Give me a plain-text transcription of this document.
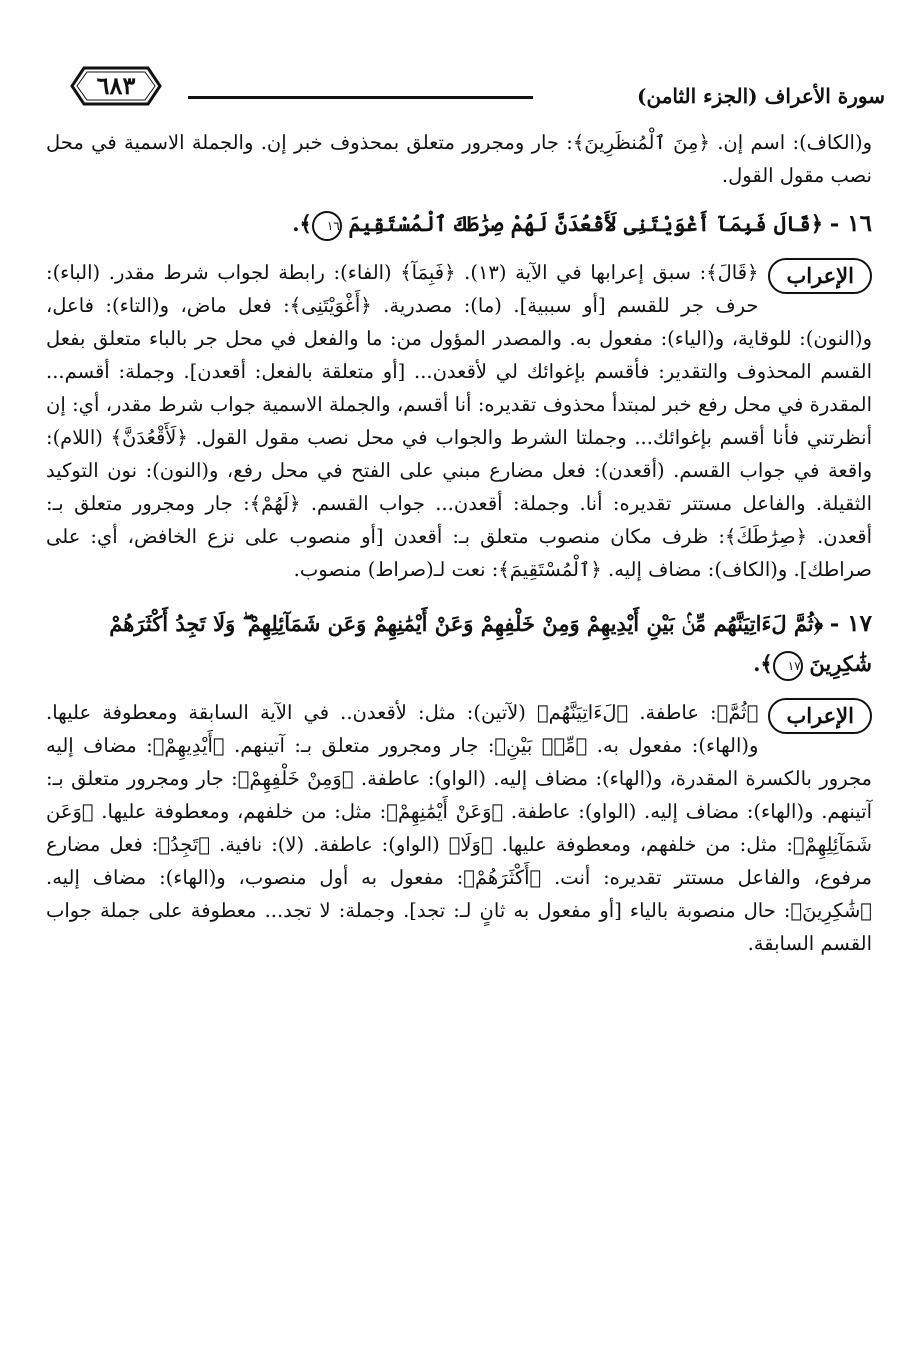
٦٨٣	سورة الأعراف (الجزء الثامن)

و(الكاف): اسم إن. ﴿مِنَ ٱلْمُنظَرِينَ﴾: جار ومجرور متعلق بمحذوف خبر إن. والجملة الاسمية في محل نصب مقول القول.

١٦ - ﴿قَالَ فَبِمَآ أَغْوَيْتَنِى لَأَقْعُدَنَّ لَهُمْ صِرَٰطَكَ ٱلْمُسْتَقِيمَ ١٦﴾.

الإعراب
﴿قَالَ﴾: سبق إعرابها في الآية (١٣). ﴿فَبِمَآ﴾ (الفاء): رابطة لجواب شرط مقدر. (الباء): حرف جر للقسم [أو سببية]. (ما): مصدرية. ﴿أَغْوَيْتَنِى﴾: فعل ماض، و(التاء): فاعل، و(النون): للوقاية، و(الياء): مفعول به. والمصدر المؤول من: ما والفعل في محل جر بالباء متعلق بفعل القسم المحذوف والتقدير: فأقسم بإغوائك لي لأقعدن... [أو متعلقة بالفعل: أقعدن]. وجملة: أقسم... المقدرة في محل رفع خبر لمبتدأ محذوف تقديره: أنا أقسم، والجملة الاسمية جواب شرط مقدر، أي: إن أنظرتني فأنا أقسم بإغوائك... وجملتا الشرط والجواب في محل نصب مقول القول. ﴿لَأَقْعُدَنَّ﴾ (اللام): واقعة في جواب القسم. (أقعدن): فعل مضارع مبني على الفتح في محل رفع، و(النون): نون التوكيد الثقيلة. والفاعل مستتر تقديره: أنا. وجملة: أقعدن... جواب القسم. ﴿لَهُمْ﴾: جار ومجرور متعلق بـ: أقعدن. ﴿صِرَٰطَكَ﴾: ظرف مكان منصوب متعلق بـ: أقعدن [أو منصوب على نزع الخافض، أي: على صراطك]. و(الكاف): مضاف إليه. ﴿ٱلْمُسْتَقِيمَ﴾: نعت لـ(صراط) منصوب.

١٧ - ﴿ثُمَّ لَءَاتِيَنَّهُم مِّنۢ بَيْنِ أَيْدِيهِمْ وَمِنْ خَلْفِهِمْ وَعَنْ أَيْمَٰنِهِمْ وَعَن شَمَآئِلِهِمْ ۖ وَلَا تَجِدُ أَكْثَرَهُمْ شَٰكِرِينَ ١٧﴾.

الإعراب
﴿ثُمَّ﴾: عاطفة. ﴿لَءَاتِيَنَّهُم﴾ (لآتين): مثل: لأقعدن.. في الآية السابقة ومعطوفة عليها. و(الهاء): مفعول به. ﴿مِّنۢ بَيْنِ﴾: جار ومجرور متعلق بـ: آتينهم. ﴿أَيْدِيهِمْ﴾: مضاف إليه مجرور بالكسرة المقدرة، و(الهاء): مضاف إليه. (الواو): عاطفة. ﴿وَمِنْ خَلْفِهِمْ﴾: جار ومجرور متعلق بـ: آتينهم. و(الهاء): مضاف إليه. (الواو): عاطفة. ﴿وَعَنْ أَيْمَٰنِهِمْ﴾: مثل: من خلفهم، ومعطوفة عليها. ﴿وَعَن شَمَآئِلِهِمْ﴾: مثل: من خلفهم، ومعطوفة عليها. ﴿وَلَا﴾ (الواو): عاطفة. (لا): نافية. ﴿تَجِدُ﴾: فعل مضارع مرفوع، والفاعل مستتر تقديره: أنت. ﴿أَكْثَرَهُمْ﴾: مفعول به أول منصوب، و(الهاء): مضاف إليه. ﴿شَٰكِرِينَ﴾: حال منصوبة بالياء [أو مفعول به ثانٍ لـ: تجد]. وجملة: لا تجد... معطوفة على جملة جواب القسم السابقة.
